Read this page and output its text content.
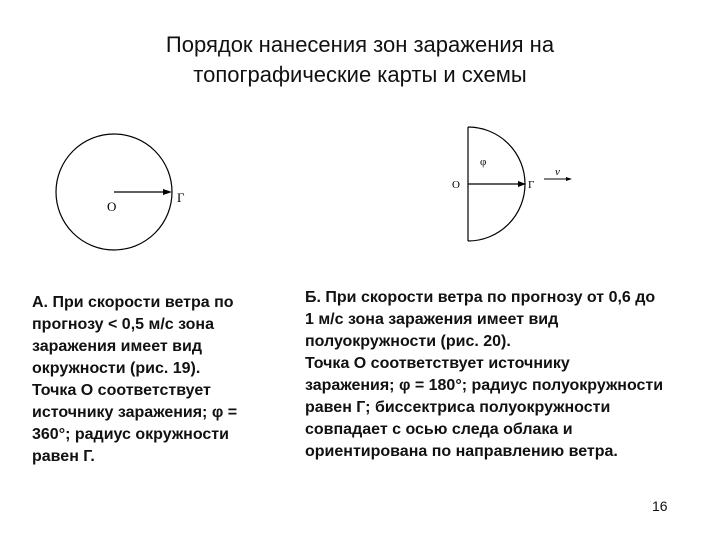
Порядок нанесения зон заражения на
топографические карты и схемы
О
Г
О	Г
φ
v
А. При скорости ветра по
прогнозу < 0,5 м/с зона
заражения имеет вид
окружности (рис. 19).
Точка О соответствует
источнику заражения; φ =
360°; радиус окружности
равен Г.
Б. При скорости ветра по прогнозу от 0,6 до
1 м/с зона заражения имеет вид
полуокружности (рис. 20).
Точка О соответствует источнику
заражения; φ = 180°; радиус полуокружности
равен Г; биссектриса полуокружности
совпадает с осью следа облака и
ориентирована по направлению ветра.
16
